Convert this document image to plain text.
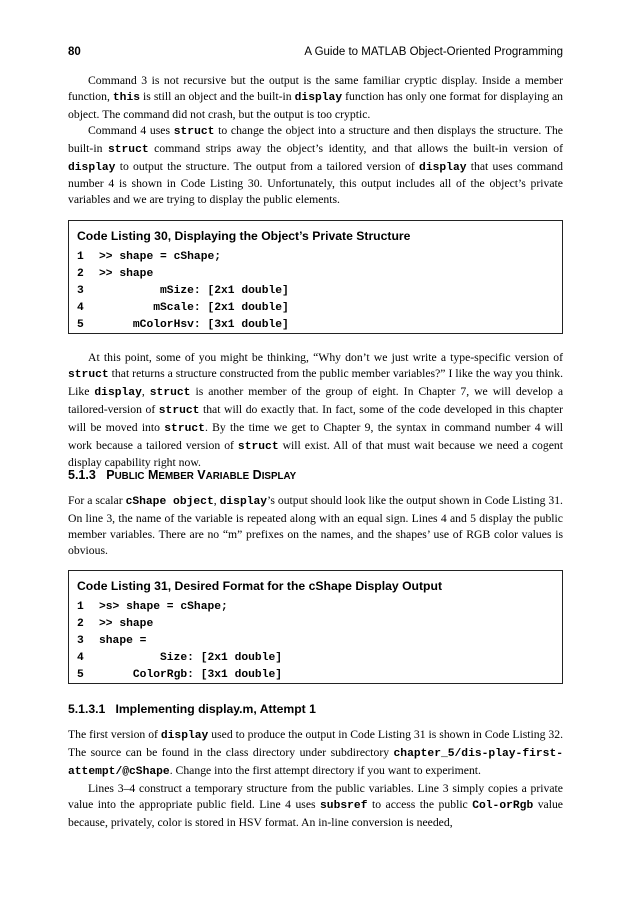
80	A Guide to MATLAB Object-Oriented Programming

Command 3 is not recursive but the output is the same familiar cryptic display. Inside a member function, this is still an object and the built-in display function has only one format for displaying an object. The command did not crash, but the output is too cryptic.

Command 4 uses struct to change the object into a structure and then displays the structure. The built-in struct command strips away the object’s identity, and that allows the built-in version of display to output the structure. The output from a tailored version of display that uses command number 4 is shown in Code Listing 30. Unfortunately, this output includes all of the object’s private variables and we are trying to display the public elements.

Code Listing 30, Displaying the Object’s Private Structure
1 >> shape = cShape;
2 >> shape
3         mSize: [2x1 double]
4        mScale: [2x1 double]
5     mColorHsv: [3x1 double]

At this point, some of you might be thinking, “Why don’t we just write a type-specific version of struct that returns a structure constructed from the public member variables?” I like the way you think. Like display, struct is another member of the group of eight. In Chapter 7, we will develop a tailored-version of struct that will do exactly that. In fact, some of the code developed in this chapter will be moved into struct. By the time we get to Chapter 9, the syntax in command number 4 will work because a tailored version of struct will exist. All of that must wait because we need a cogent display capability right now.

5.1.3 PUBLIC MEMBER VARIABLE DISPLAY

For a scalar cShape object, display’s output should look like the output shown in Code Listing 31. On line 3, the name of the variable is repeated along with an equal sign. Lines 4 and 5 display the public member variables. There are no “m” prefixes on the names, and the shapes’ use of RGB color values is obvious.

Code Listing 31, Desired Format for the cShape Display Output
1 >s> shape = cShape;
2 >> shape
3 shape =
4         Size: [2x1 double]
5     ColorRgb: [3x1 double]
5.1.3.1 Implementing display.m, Attempt 1

The first version of display used to produce the output in Code Listing 31 is shown in Code Listing 32. The source can be found in the class directory under subdirectory chapter_5/dis-play-first-attempt/@cShape. Change into the first attempt directory if you want to experiment.

Lines 3–4 construct a temporary structure from the public variables. Line 3 simply copies a private value into the appropriate public field. Line 4 uses subsref to access the public Col-orRgb value because, privately, color is stored in HSV format. An in-line conversion is needed,
